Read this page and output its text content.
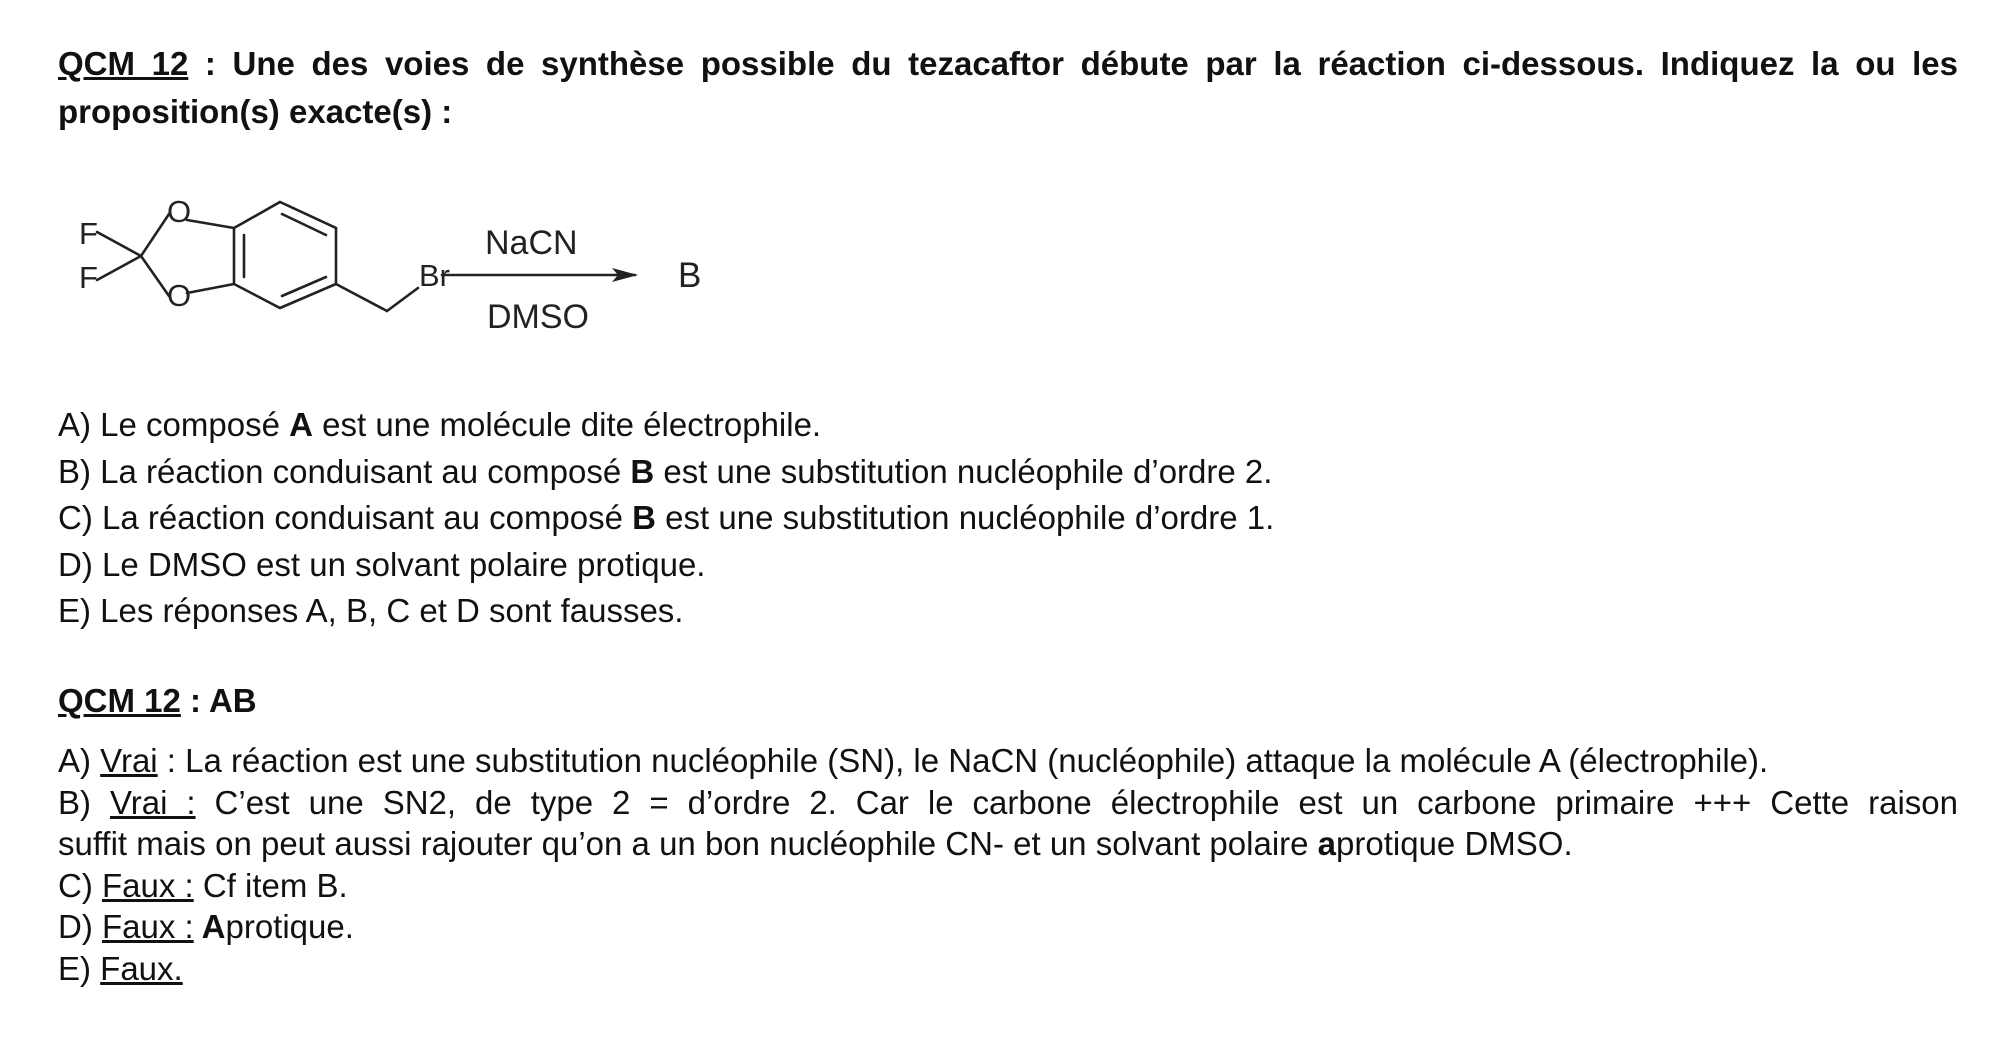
QCM 12 : Une des voies de synthèse possible du tezacaftor débute par la réaction ci-dessous. Indiquez la ou les proposition(s) exacte(s) :
F
F
O
O
Br
NaCN
DMSO
B
A) Le composé A est une molécule dite électrophile.
B) La réaction conduisant au composé B est une substitution nucléophile d’ordre 2.
C) La réaction conduisant au composé B est une substitution nucléophile d’ordre 1.
D) Le DMSO est un solvant polaire protique.
E) Les réponses A, B, C et D sont fausses.
QCM 12 : AB
A) Vrai : La réaction est une substitution nucléophile (SN), le NaCN (nucléophile) attaque la molécule A (électrophile).
B) Vrai : C’est une SN2, de type 2 = d’ordre 2. Car le carbone électrophile est un carbone primaire +++ Cette raison
suffit mais on peut aussi rajouter qu’on a un bon nucléophile CN- et un solvant polaire aprotique DMSO.
C) Faux : Cf item B.
D) Faux : Aprotique.
E) Faux.
